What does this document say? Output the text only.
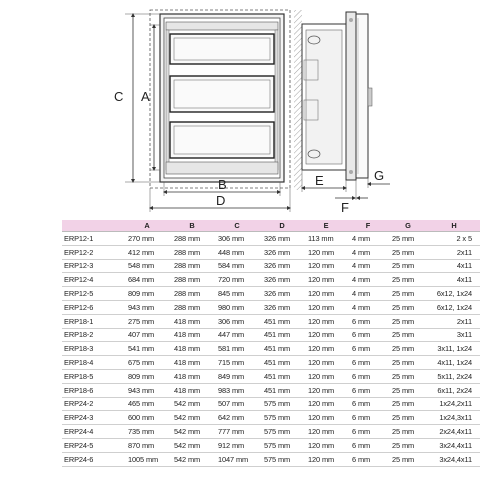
A
C
B
D
E
F
G
	A	B	C	D	E	F	G	H
ERP12-1	270 mm	288 mm	306 mm	326 mm	113 mm	4 mm	25 mm	2 x 5
ERP12-2	412 mm	288 mm	448 mm	326 mm	120 mm	4 mm	25 mm	2x11
ERP12-3	548 mm	288 mm	584 mm	326 mm	120 mm	4 mm	25 mm	4x11
ERP12-4	684 mm	288 mm	720 mm	326 mm	120 mm	4 mm	25 mm	4x11
ERP12-5	809 mm	288 mm	845 mm	326 mm	120 mm	4 mm	25 mm	6x12, 1x24
ERP12-6	943 mm	288 mm	980 mm	326 mm	120 mm	4 mm	25 mm	6x12, 1x24
ERP18-1	275 mm	418 mm	306 mm	451 mm	120 mm	6 mm	25 mm	2x11
ERP18-2	407 mm	418 mm	447 mm	451 mm	120 mm	6 mm	25 mm	3x11
ERP18-3	541 mm	418 mm	581 mm	451 mm	120 mm	6 mm	25 mm	3x11, 1x24
ERP18-4	675 mm	418 mm	715 mm	451 mm	120 mm	6 mm	25 mm	4x11, 1x24
ERP18-5	809 mm	418 mm	849 mm	451 mm	120 mm	6 mm	25 mm	5x11, 2x24
ERP18-6	943 mm	418 mm	983 mm	451 mm	120 mm	6 mm	25 mm	6x11, 2x24
ERP24-2	465 mm	542 mm	507 mm	575 mm	120 mm	6 mm	25 mm	1x24,2x11
ERP24-3	600 mm	542 mm	642 mm	575 mm	120 mm	6 mm	25 mm	1x24,3x11
ERP24-4	735 mm	542 mm	777 mm	575 mm	120 mm	6 mm	25 mm	2x24,4x11
ERP24-5	870 mm	542 mm	912 mm	575 mm	120 mm	6 mm	25 mm	3x24,4x11
ERP24-6	1005 mm	542 mm	1047 mm	575 mm	120 mm	6 mm	25 mm	3x24,4x11
